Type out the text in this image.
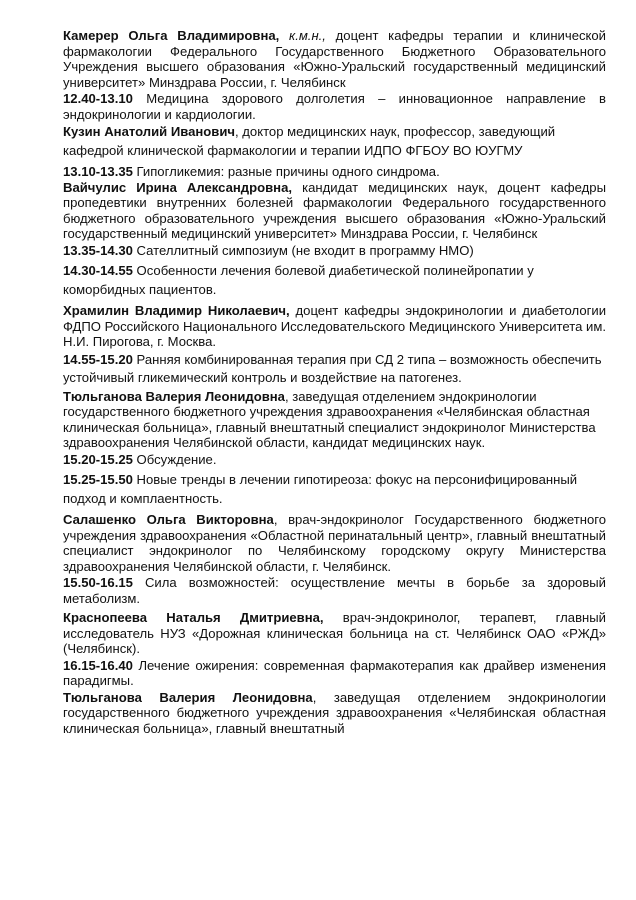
Камерер Ольга Владимировна, к.м.н., доцент кафедры терапии и клинической фармакологии Федерального Государственного Бюджетного Образовательного Учреждения высшего образования «Южно-Уральский государственный медицинский университет» Минздрава России, г. Челябинск

12.40-13.10 Медицина здорового долголетия – инновационное направление в эндокринологии и кардиологии.

Кузин Анатолий Иванович, доктор медицинских наук, профессор, заведующий кафедрой клинической фармакологии и терапии ИДПО ФГБОУ ВО ЮУГМУ

13.10-13.35 Гипогликемия: разные причины одного синдрома.

Вайчулис Ирина Александровна, кандидат медицинских наук, доцент кафедры пропедевтики внутренних болезней фармакологии Федерального государственного бюджетного образовательного учреждения высшего образования «Южно-Уральский государственный медицинский университет» Минздрава России, г. Челябинск

13.35-14.30 Сателлитный симпозиум (не входит в программу НМО)

14.30-14.55 Особенности лечения болевой диабетической полинейропатии у коморбидных пациентов.

Храмилин Владимир Николаевич, доцент кафедры эндокринологии и диабетологии ФДПО Российского Национального Исследовательского Медицинского Университета им. Н.И. Пирогова, г. Москва.

14.55-15.20 Ранняя комбинированная терапия при СД 2 типа – возможность обеспечить устойчивый гликемический контроль и воздействие на патогенез.

Тюльганова Валерия Леонидовна, заведущая отделением эндокринологии государственного бюджетного учреждения здравоохранения «Челябинская областная клиническая больница», главный внештатный специалист эндокринолог Министерства здравоохранения Челябинской области, кандидат медицинских наук.

15.20-15.25 Обсуждение.

15.25-15.50 Новые тренды в лечении гипотиреоза: фокус на персонифицированный подход и комплаентность.

Салашенко Ольга Викторовна, врач-эндокринолог Государственного бюджетного учреждения здравоохранения «Областной перинатальный центр», главный внештатный специалист эндокринолог по Челябинскому городскому округу Министерства здравоохранения Челябинской области, г. Челябинск.

15.50-16.15 Сила возможностей: осуществление мечты в борьбе за здоровый метаболизм.

Краснопеева Наталья Дмитриевна, врач-эндокринолог, терапевт, главный исследователь НУЗ «Дорожная клиническая больница на ст. Челябинск ОАО «РЖД» (Челябинск).

16.15-16.40 Лечение ожирения: современная фармакотерапия как драйвер изменения парадигмы.

Тюльганова Валерия Леонидовна, заведущая отделением эндокринологии государственного бюджетного учреждения здравоохранения «Челябинская областная клиническая больница», главный внештатный
